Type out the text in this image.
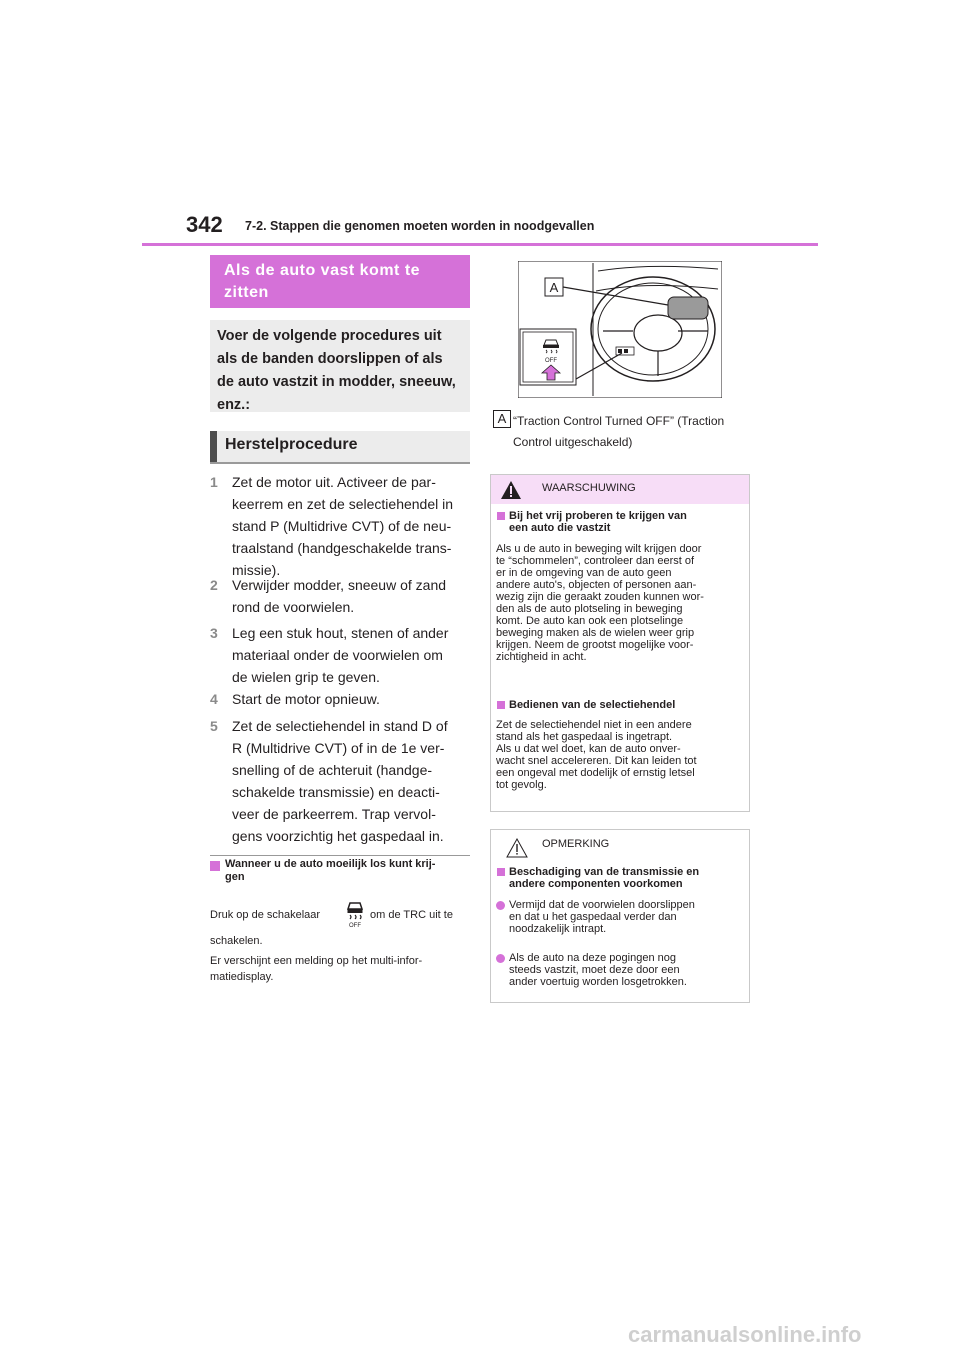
342 7-2. Stappen die genomen moeten worden in noodgevallen
Als de auto vast komt te
zitten
Voer de volgende procedures uit
als de banden doorslippen of als
de auto vastzit in modder, sneeuw,
enz.:
Herstelprocedure
1 Zet de motor uit. Activeer de par-
keerrem en zet de selectiehendel in
stand P (Multidrive CVT) of de neu-
traalstand (handgeschakelde trans-
missie).
2 Verwijder modder, sneeuw of zand
rond de voorwielen.
3 Leg een stuk hout, stenen of ander
materiaal onder de voorwielen om
de wielen grip te geven.
4 Start de motor opnieuw.
5 Zet de selectiehendel in stand D of
R (Multidrive CVT) of in de 1e ver-
snelling of de achteruit (handge-
schakelde transmissie) en deacti-
veer de parkeerrem. Trap vervol-
gens voorzichtig het gaspedaal in.
Wanneer u de auto moeilijk los kunt krij-
gen
Druk op de schakelaar
OFF
om de TRC uit te
schakelen.
Er verschijnt een melding op het multi-infor-
matiedisplay.
A
OFF
A “Traction Control Turned OFF” (Traction
Control uitgeschakeld)
WAARSCHUWING
Bij het vrij proberen te krijgen van
een auto die vastzit
Als u de auto in beweging wilt krijgen door
te “schommelen”, controleer dan eerst of
er in de omgeving van de auto geen
andere auto's, objecten of personen aan-
wezig zijn die geraakt zouden kunnen wor-
den als de auto plotseling in beweging
komt. De auto kan ook een plotselinge
beweging maken als de wielen weer grip
krijgen. Neem de grootst mogelijke voor-
zichtigheid in acht.
Bedienen van de selectiehendel
Zet de selectiehendel niet in een andere
stand als het gaspedaal is ingetrapt.
Als u dat wel doet, kan de auto onver-
wacht snel accelereren. Dit kan leiden tot
een ongeval met dodelijk of ernstig letsel
tot gevolg.
OPMERKING
Beschadiging van de transmissie en
andere componenten voorkomen
Vermijd dat de voorwielen doorslippen
en dat u het gaspedaal verder dan
noodzakelijk intrapt.
Als de auto na deze pogingen nog
steeds vastzit, moet deze door een
ander voertuig worden losgetrokken.
carmanualsonline.info
